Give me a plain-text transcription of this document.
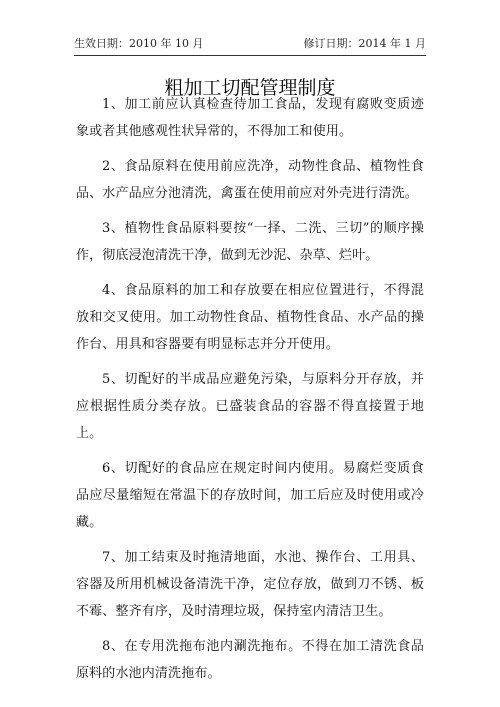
生效日期：2010 年 10 月	修订日期：2014 年 1 月
粗加工切配管理制度

1、加工前应认真检查待加工食品，发现有腐败变质迹象或者其他感观性状异常的，不得加工和使用。

2、食品原料在使用前应洗净，动物性食品、植物性食品、水产品应分池清洗，禽蛋在使用前应对外壳进行清洗。

3、植物性食品原料要按“一择、二洗、三切”的顺序操作，彻底浸泡清洗干净，做到无沙泥、杂草、烂叶。

4、食品原料的加工和存放要在相应位置进行，不得混放和交叉使用。加工动物性食品、植物性食品、水产品的操作台、用具和容器要有明显标志并分开使用。

5、切配好的半成品应避免污染，与原料分开存放，并应根据性质分类存放。已盛装食品的容器不得直接置于地上。

6、切配好的食品应在规定时间内使用。易腐烂变质食品应尽量缩短在常温下的存放时间，加工后应及时使用或冷藏。

7、加工结束及时拖清地面，水池、操作台、工用具、容器及所用机械设备清洗干净，定位存放，做到刀不锈、板不霉、整齐有序，及时清理垃圾，保持室内清洁卫生。

8、在专用洗拖布池内涮洗拖布。不得在加工清洗食品原料的水池内清洗拖布。
